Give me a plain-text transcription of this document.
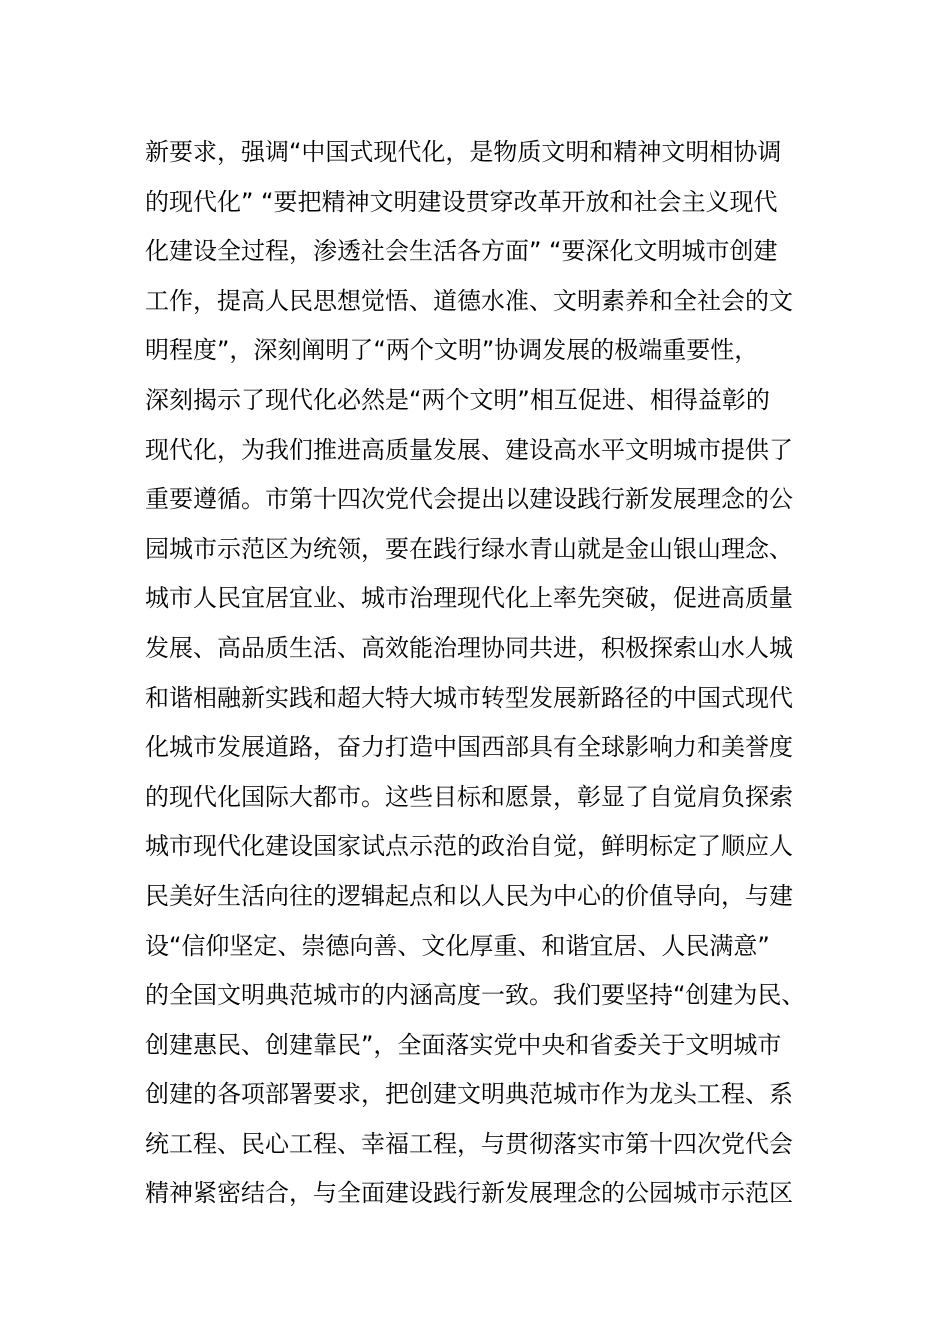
新要求，强调“中国式现代化，是物质文明和精神文明相协调
的现代化” “要把精神文明建设贯穿改革开放和社会主义现代
化建设全过程，渗透社会生活各方面” “要深化文明城市创建
工作，提高人民思想觉悟、道德水准、文明素养和全社会的文
明程度”，深刻阐明了“两个文明”协调发展的极端重要性，
深刻揭示了现代化必然是“两个文明”相互促进、相得益彰的
现代化，为我们推进高质量发展、建设高水平文明城市提供了
重要遵循。市第十四次党代会提出以建设践行新发展理念的公
园城市示范区为统领，要在践行绿水青山就是金山银山理念、
城市人民宜居宜业、城市治理现代化上率先突破，促进高质量
发展、高品质生活、高效能治理协同共进，积极探索山水人城
和谐相融新实践和超大特大城市转型发展新路径的中国式现代
化城市发展道路，奋力打造中国西部具有全球影响力和美誉度
的现代化国际大都市。这些目标和愿景，彰显了自觉肩负探索
城市现代化建设国家试点示范的政治自觉，鲜明标定了顺应人
民美好生活向往的逻辑起点和以人民为中心的价值导向，与建
设“信仰坚定、崇德向善、文化厚重、和谐宜居、人民满意”
的全国文明典范城市的内涵高度一致。我们要坚持“创建为民、
创建惠民、创建靠民”，全面落实党中央和省委关于文明城市
创建的各项部署要求，把创建文明典范城市作为龙头工程、系
统工程、民心工程、幸福工程，与贯彻落实市第十四次党代会
精神紧密结合，与全面建设践行新发展理念的公园城市示范区
